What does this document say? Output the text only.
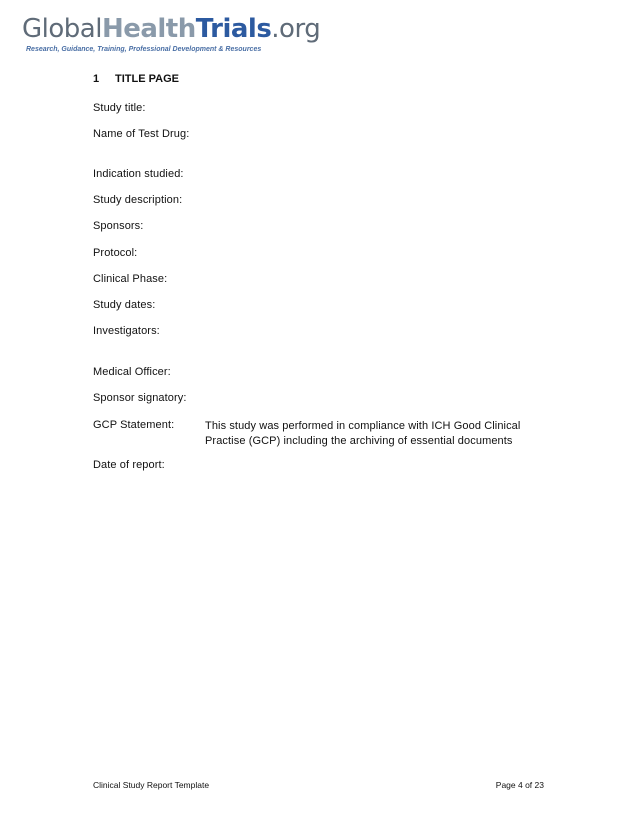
GlobalHealthTrials.org
Research, Guidance, Training, Professional Development & Resources
1 TITLE PAGE
Study title:
Name of Test Drug:
Indication studied:
Study description:
Sponsors:
Protocol:
Clinical Phase:
Study dates:
Investigators:
Medical Officer:
Sponsor signatory:
GCP Statement:	This study was performed in compliance with ICH Good Clinical Practise (GCP) including the archiving of essential documents
Date of report:
Clinical Study Report Template	Page 4 of 23
